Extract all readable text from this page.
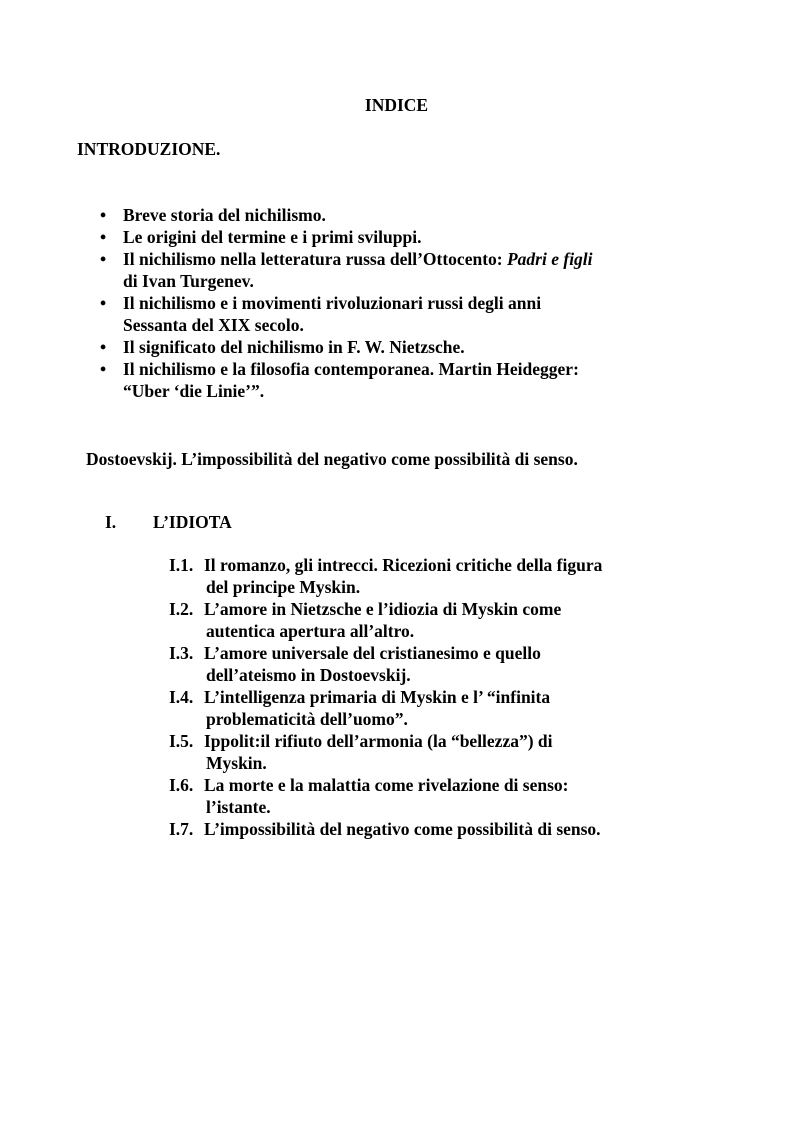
INDICE
INTRODUZIONE.
• Breve storia del nichilismo.
• Le origini del termine e i primi sviluppi.
• Il nichilismo nella letteratura russa dell’Ottocento: Padri e figli
di Ivan Turgenev.
• Il nichilismo e i movimenti rivoluzionari russi degli anni
Sessanta del XIX secolo.
• Il significato del nichilismo in F. W. Nietzsche.
• Il nichilismo e la filosofia contemporanea. Martin Heidegger:
“Uber ‘die Linie’”.
Dostoevskij. L’impossibilità del negativo come possibilità di senso.
I. L’IDIOTA
I.1. Il romanzo, gli intrecci. Ricezioni critiche della figura
del principe Myskin.
I.2. L’amore in Nietzsche e l’idiozia di Myskin come
autentica apertura all’altro.
I.3. L’amore universale del cristianesimo e quello
dell’ateismo in Dostoevskij.
I.4. L’intelligenza primaria di Myskin e l’ “infinita
problematicità dell’uomo”.
I.5. Ippolit:il rifiuto dell’armonia (la “bellezza”) di
Myskin.
I.6. La morte e la malattia come rivelazione di senso:
l’istante.
I.7. L’impossibilità del negativo come possibilità di senso.
